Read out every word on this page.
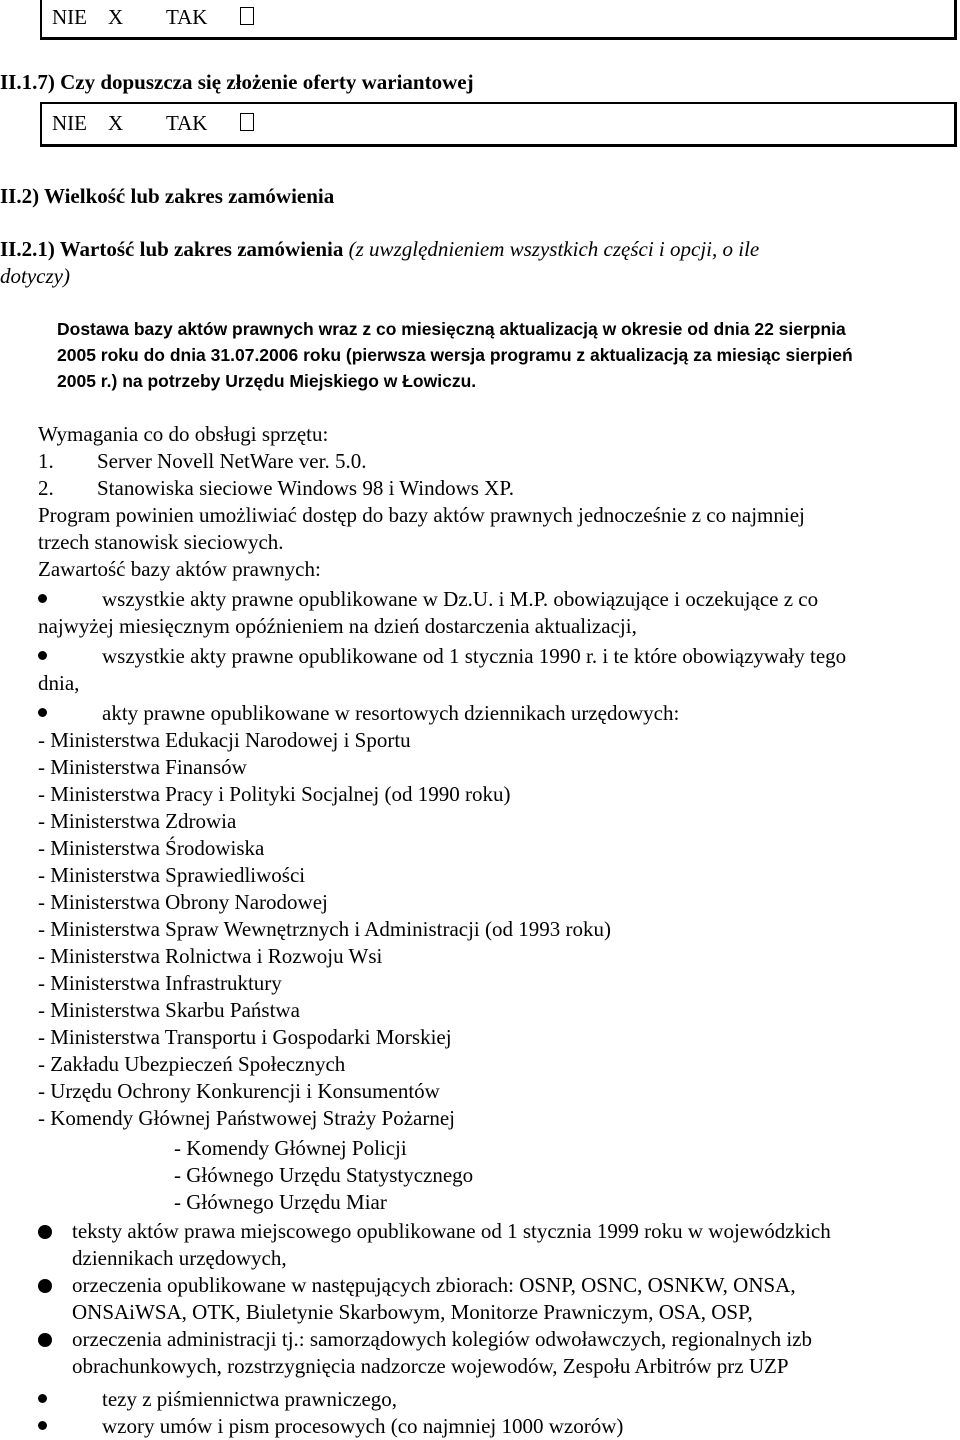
NIE X TAK
II.1.7) Czy dopuszcza się złożenie oferty wariantowej
NIE X TAK
II.2) Wielkość lub zakres zamówienia
II.2.1) Wartość lub zakres zamówienia (z uwzględnieniem wszystkich części i opcji, o ile
dotyczy)
Dostawa bazy aktów prawnych wraz z co miesięczną aktualizacją w okresie od dnia 22 sierpnia
2005 roku do dnia 31.07.2006 roku (pierwsza wersja programu z aktualizacją za miesiąc sierpień
2005 r.) na potrzeby Urzędu Miejskiego w Łowiczu.
Wymagania co do obsługi sprzętu:
1. Server Novell NetWare ver. 5.0.
2. Stanowiska sieciowe Windows 98 i Windows XP.
Program powinien umożliwiać dostęp do bazy aktów prawnych jednocześnie z co najmniej
trzech stanowisk sieciowych.
Zawartość bazy aktów prawnych:
wszystkie akty prawne opublikowane w Dz.U. i M.P. obowiązujące i oczekujące z co
najwyżej miesięcznym opóźnieniem na dzień dostarczenia aktualizacji,
wszystkie akty prawne opublikowane od 1 stycznia 1990 r. i te które obowiązywały tego
dnia,
akty prawne opublikowane w resortowych dziennikach urzędowych:
- Ministerstwa Edukacji Narodowej i Sportu
- Ministerstwa Finansów
- Ministerstwa Pracy i Polityki Socjalnej (od 1990 roku)
- Ministerstwa Zdrowia
- Ministerstwa Środowiska
- Ministerstwa Sprawiedliwości
- Ministerstwa Obrony Narodowej
- Ministerstwa Spraw Wewnętrznych i Administracji (od 1993 roku)
- Ministerstwa Rolnictwa i Rozwoju Wsi
- Ministerstwa Infrastruktury
- Ministerstwa Skarbu Państwa
- Ministerstwa Transportu i Gospodarki Morskiej
- Zakładu Ubezpieczeń Społecznych
- Urzędu Ochrony Konkurencji i Konsumentów
- Komendy Głównej Państwowej Straży Pożarnej
- Komendy Głównej Policji
- Głównego Urzędu Statystycznego
- Głównego Urzędu Miar
teksty aktów prawa miejscowego opublikowane od 1 stycznia 1999 roku w wojewódzkich
dziennikach urzędowych,
orzeczenia opublikowane w następujących zbiorach: OSNP, OSNC, OSNKW, ONSA,
ONSAiWSA, OTK, Biuletynie Skarbowym, Monitorze Prawniczym, OSA, OSP,
orzeczenia administracji tj.: samorządowych kolegiów odwoławczych, regionalnych izb
obrachunkowych, rozstrzygnięcia nadzorcze wojewodów, Zespołu Arbitrów prz UZP
tezy z piśmiennictwa prawniczego,
wzory umów i pism procesowych (co najmniej 1000 wzorów)
